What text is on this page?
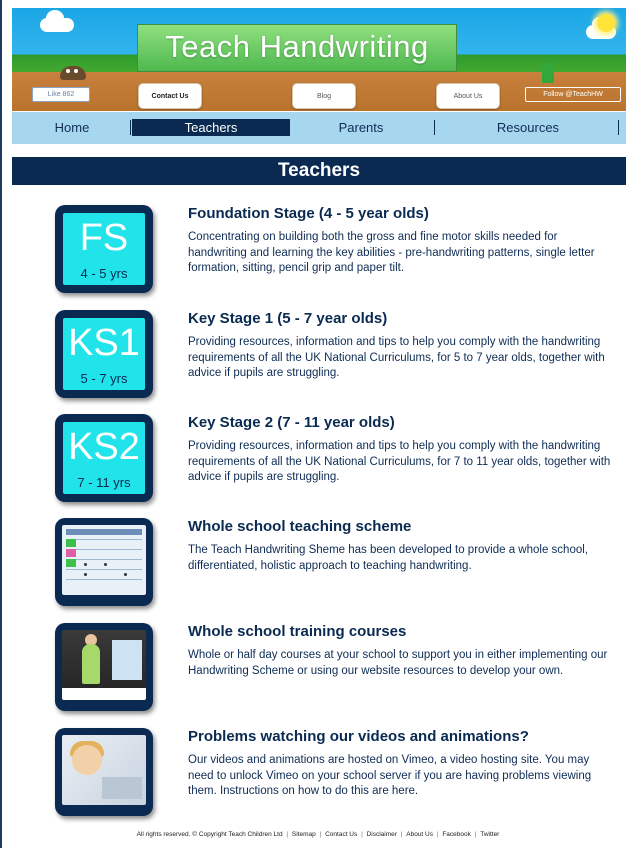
Teach Handwriting
Like 862	Contact Us	Blog	About Us	Follow @TeachHW
Home	Teachers	Parents	Resources
Teachers
FS
4 - 5 yrs
Foundation Stage (4 - 5 year olds)
Concentrating on building both the gross and fine motor skills needed for handwriting and learning the key abilities - pre-handwriting patterns, single letter formation, sitting, pencil grip and paper tilt.
KS1
5 - 7 yrs
Key Stage 1 (5 - 7 year olds)
Providing resources, information and tips to help you comply with the handwriting requirements of all the UK National Curriculums, for 5 to 7 year olds, together with advice if pupils are struggling.
KS2
7 - 11 yrs
Key Stage 2 (7 - 11 year olds)
Providing resources, information and tips to help you comply with the handwriting requirements of all the UK National Curriculums, for 7 to 11 year olds, together with advice if pupils are struggling.
Whole school teaching scheme
The Teach Handwriting Sheme has been developed to provide a whole school, differentiated, holistic approach to teaching handwriting.
Whole school training courses
Whole or half day courses at your school to support you in either implementing our Handwriting Scheme or using our website resources to develop your own.
Problems watching our videos and animations?
Our videos and animations are hosted on Vimeo, a video hosting site. You may need to unlock Vimeo on your school server if you are having problems viewing them. Instructions on how to do this are here.
All rights reserved. © Copyright Teach Children Ltd | Sitemap | Contact Us | Disclaimer | About Us | Facebook | Twitter
